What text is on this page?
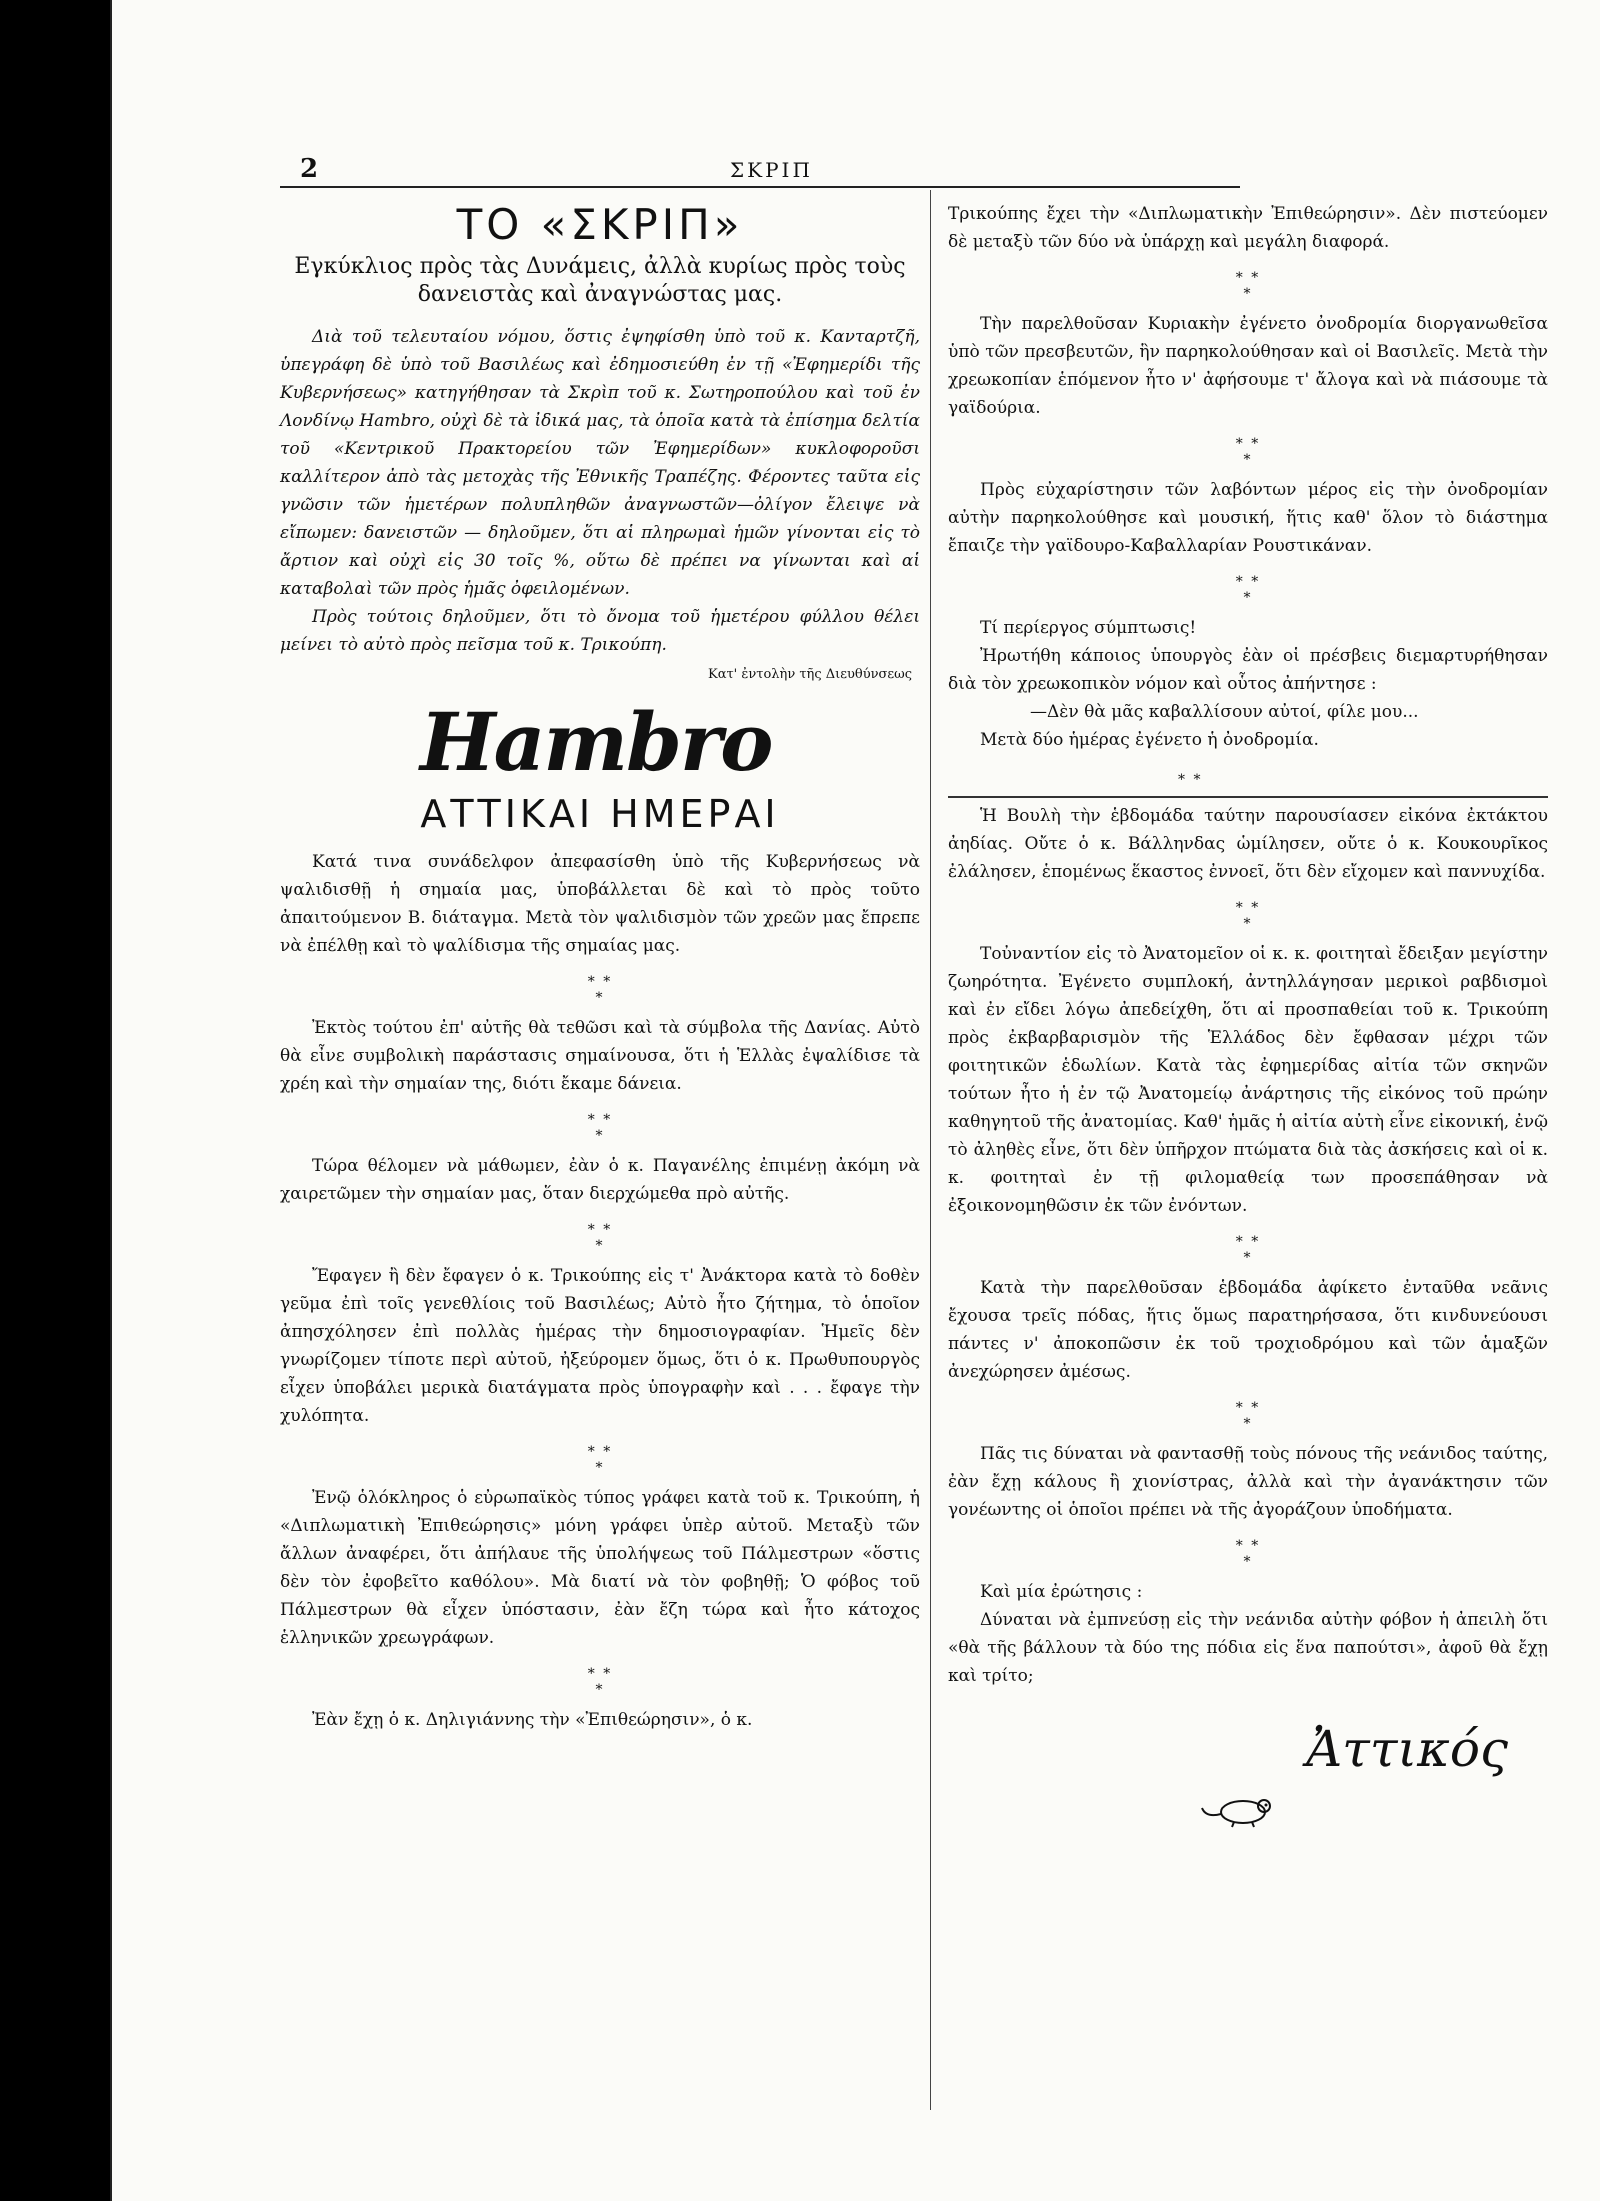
2	ΣΚΡΙΠ
ΤΟ «ΣΚΡΙΠ»
Εγκύκλιος πρὸς τὰς Δυνάμεις, ἀλλὰ κυρίως πρὸς τοὺς δανειστὰς καὶ ἀναγνώστας μας.

Διὰ τοῦ τελευταίου νόμου, ὅστις ἐψηφίσθη ὑπὸ τοῦ κ. Κανταρτζῆ, ὑπεγράφη δὲ ὑπὸ τοῦ Βασιλέως καὶ ἐδημοσιεύθη ἐν τῇ «Ἐφημερίδι τῆς Κυβερνήσεως» κατηγήθησαν τὰ Σκρὶπ τοῦ κ. Σωτηροπούλου καὶ τοῦ ἐν Λονδίνῳ Hambro, οὐχὶ δὲ τὰ ἰδικά μας, τὰ ὁποῖα κατὰ τὰ ἐπίσημα δελτία τοῦ «Κεντρικοῦ Πρακτορείου τῶν Ἐφημερίδων» κυκλοφοροῦσι καλλίτερον ἀπὸ τὰς μετοχὰς τῆς Ἐθνικῆς Τραπέζης. Φέροντες ταῦτα εἰς γνῶσιν τῶν ἡμετέρων πολυπληθῶν ἀναγνωστῶν—ὀλίγον ἔλειψε νὰ εἴπωμεν: δανειστῶν — δηλοῦμεν, ὅτι αἱ πληρωμαὶ ἡμῶν γίνονται εἰς τὸ ἄρτιον καὶ οὐχὶ εἰς 30 τοῖς %, οὕτω δὲ πρέπει να γίνωνται καὶ αἱ καταβολαὶ τῶν πρὸς ἡμᾶς ὀφειλομένων.

Πρὸς τούτοις δηλοῦμεν, ὅτι τὸ ὄνομα τοῦ ἡμετέρου φύλλου θέλει μείνει τὸ αὐτὸ πρὸς πεῖσμα τοῦ κ. Τρικούπη.

Κατ' ἐντολὴν τῆς Διευθύνσεως
Hambro
ΑΤΤΙΚΑΙ ΗΜΕΡΑΙ

Κατά τινα συνάδελφον ἀπεφασίσθη ὑπὸ τῆς Κυβερνήσεως νὰ ψαλιδισθῇ ἡ σημαία μας, ὑποβάλλεται δὲ καὶ τὸ πρὸς τοῦτο ἀπαιτούμενον Β. διάταγμα. Μετὰ τὸν ψαλιδισμὸν τῶν χρεῶν μας ἔπρεπε νὰ ἐπέλθῃ καὶ τὸ ψαλίδισμα τῆς σημαίας μας.

* *
*

Ἐκτὸς τούτου ἐπ' αὐτῆς θὰ τεθῶσι καὶ τὰ σύμβολα τῆς Δανίας. Αὐτὸ θὰ εἶνε συμβολικὴ παράστασις σημαίνουσα, ὅτι ἡ Ἑλλὰς ἐψαλίδισε τὰ χρέη καὶ τὴν σημαίαν της, διότι ἔκαμε δάνεια.

* *
*

Τώρα θέλομεν νὰ μάθωμεν, ἐὰν ὁ κ. Παγανέλης ἐπιμένῃ ἀκόμη νὰ χαιρετῶμεν τὴν σημαίαν μας, ὅταν διερχώμεθα πρὸ αὐτῆς.

* *
*

Ἔφαγεν ἢ δὲν ἔφαγεν ὁ κ. Τρικούπης εἰς τ' Ἀνάκτορα κατὰ τὸ δοθὲν γεῦμα ἐπὶ τοῖς γενεθλίοις τοῦ Βασιλέως; Αὐτὸ ἦτο ζήτημα, τὸ ὁποῖον ἀπησχόλησεν ἐπὶ πολλὰς ἡμέρας τὴν δημοσιογραφίαν. Ἡμεῖς δὲν γνωρίζομεν τίποτε περὶ αὐτοῦ, ἠξεύρομεν ὅμως, ὅτι ὁ κ. Πρωθυπουργὸς εἶχεν ὑποβάλει μερικὰ διατάγματα πρὸς ὑπογραφὴν καὶ . . . ἔφαγε τὴν χυλόπητα.

* *
*

Ἐνῷ ὁλόκληρος ὁ εὐρωπαϊκὸς τύπος γράφει κατὰ τοῦ κ. Τρικούπη, ἡ «Διπλωματικὴ Ἐπιθεώρησις» μόνη γράφει ὑπὲρ αὐτοῦ. Μεταξὺ τῶν ἄλλων ἀναφέρει, ὅτι ἀπήλαυε τῆς ὑπολήψεως τοῦ Πάλμεστρων «ὅστις δὲν τὸν ἐφοβεῖτο καθόλου». Μὰ διατί νὰ τὸν φοβηθῇ; Ὁ φόβος τοῦ Πάλμεστρων θὰ εἶχεν ὑπόστασιν, ἐὰν ἔζη τώρα καὶ ἦτο κάτοχος ἑλληνικῶν χρεωγράφων.

* *
*

Ἐὰν ἔχῃ ὁ κ. Δηλιγιάννης τὴν «Ἐπιθεώρησιν», ὁ κ.

Τρικούπης ἔχει τὴν «Διπλωματικὴν Ἐπιθεώρησιν». Δὲν πιστεύομεν δὲ μεταξὺ τῶν δύο νὰ ὑπάρχῃ καὶ μεγάλη διαφορά.

* *
*

Τὴν παρελθοῦσαν Κυριακὴν ἐγένετο ὀνοδρομία διοργανωθεῖσα ὑπὸ τῶν πρεσβευτῶν, ἣν παρηκολούθησαν καὶ οἱ Βασιλεῖς. Μετὰ τὴν χρεωκοπίαν ἑπόμενον ἦτο ν' ἀφήσουμε τ' ἄλογα καὶ νὰ πιάσουμε τὰ γαϊδούρια.

* *
*

Πρὸς εὐχαρίστησιν τῶν λαβόντων μέρος εἰς τὴν ὀνοδρομίαν αὐτὴν παρηκολούθησε καὶ μουσική, ἥτις καθ' ὅλον τὸ διάστημα ἔπαιζε τὴν γαϊδουρο-Καβαλλαρίαν Ρουστικάναν.

* *
*

Τί περίεργος σύμπτωσις!

Ἠρωτήθη κάποιος ὑπουργὸς ἐὰν οἱ πρέσβεις διεμαρτυρήθησαν διὰ τὸν χρεωκοπικὸν νόμον καὶ οὗτος ἀπήντησε :

—Δὲν θὰ μᾶς καβαλλίσουν αὐτοί, φίλε μου...

Μετὰ δύο ἡμέρας ἐγένετο ἡ ὀνοδρομία.

* *

Ἡ Βουλὴ τὴν ἑβδομάδα ταύτην παρουσίασεν εἰκόνα ἐκτάκτου ἀηδίας. Οὔτε ὁ κ. Βάλληνδας ὡμίλησεν, οὔτε ὁ κ. Κουκουρῖκος ἐλάλησεν, ἑπομένως ἕκαστος ἐννοεῖ, ὅτι δὲν εἴχομεν καὶ παννυχίδα.

* *
*

Τοὐναντίον εἰς τὸ Ἀνατομεῖον οἱ κ. κ. φοιτηταὶ ἔδειξαν μεγίστην ζωηρότητα. Ἐγένετο συμπλοκή, ἀντηλλάγησαν μερικοὶ ραβδισμοὶ καὶ ἐν εἴδει λόγω ἀπεδείχθη, ὅτι αἱ προσπαθείαι τοῦ κ. Τρικούπη πρὸς ἐκβαρβαρισμὸν τῆς Ἑλλάδος δὲν ἔφθασαν μέχρι τῶν φοιτητικῶν ἑδωλίων. Κατὰ τὰς ἐφημερίδας αἰτία τῶν σκηνῶν τούτων ἦτο ἡ ἐν τῷ Ἀνατομείῳ ἀνάρτησις τῆς εἰκόνος τοῦ πρώην καθηγητοῦ τῆς ἀνατομίας. Καθ' ἡμᾶς ἡ αἰτία αὐτὴ εἶνε εἰκονική, ἐνῷ τὸ ἀληθὲς εἶνε, ὅτι δὲν ὑπῆρχον πτώματα διὰ τὰς ἀσκήσεις καὶ οἱ κ. κ. φοιτηταὶ ἐν τῇ φιλομαθείᾳ των προσεπάθησαν νὰ ἐξοικονομηθῶσιν ἐκ τῶν ἐνόντων.

* *
*

Κατὰ τὴν παρελθοῦσαν ἑβδομάδα ἀφίκετο ἐνταῦθα νεᾶνις ἔχουσα τρεῖς πόδας, ἥτις ὅμως παρατηρήσασα, ὅτι κινδυνεύουσι πάντες ν' ἀποκοπῶσιν ἐκ τοῦ τροχιοδρόμου καὶ τῶν ἁμαξῶν ἀνεχώρησεν ἀμέσως.

* *
*

Πᾶς τις δύναται νὰ φαντασθῇ τοὺς πόνους τῆς νεάνιδος ταύτης, ἐὰν ἔχῃ κάλους ἢ χιονίστρας, ἀλλὰ καὶ τὴν ἀγανάκτησιν τῶν γονέωντης οἱ ὁποῖοι πρέπει νὰ τῆς ἀγοράζουν ὑποδήματα.

* *
*

Καὶ μία ἐρώτησις :

Δύναται νὰ ἐμπνεύσῃ εἰς τὴν νεάνιδα αὐτὴν φόβον ἡ ἀπειλὴ ὅτι «θὰ τῆς βάλλουν τὰ δύο της πόδια εἰς ἕνα παπούτσι», ἀφοῦ θὰ ἔχῃ καὶ τρίτο;

Ἀττικός
